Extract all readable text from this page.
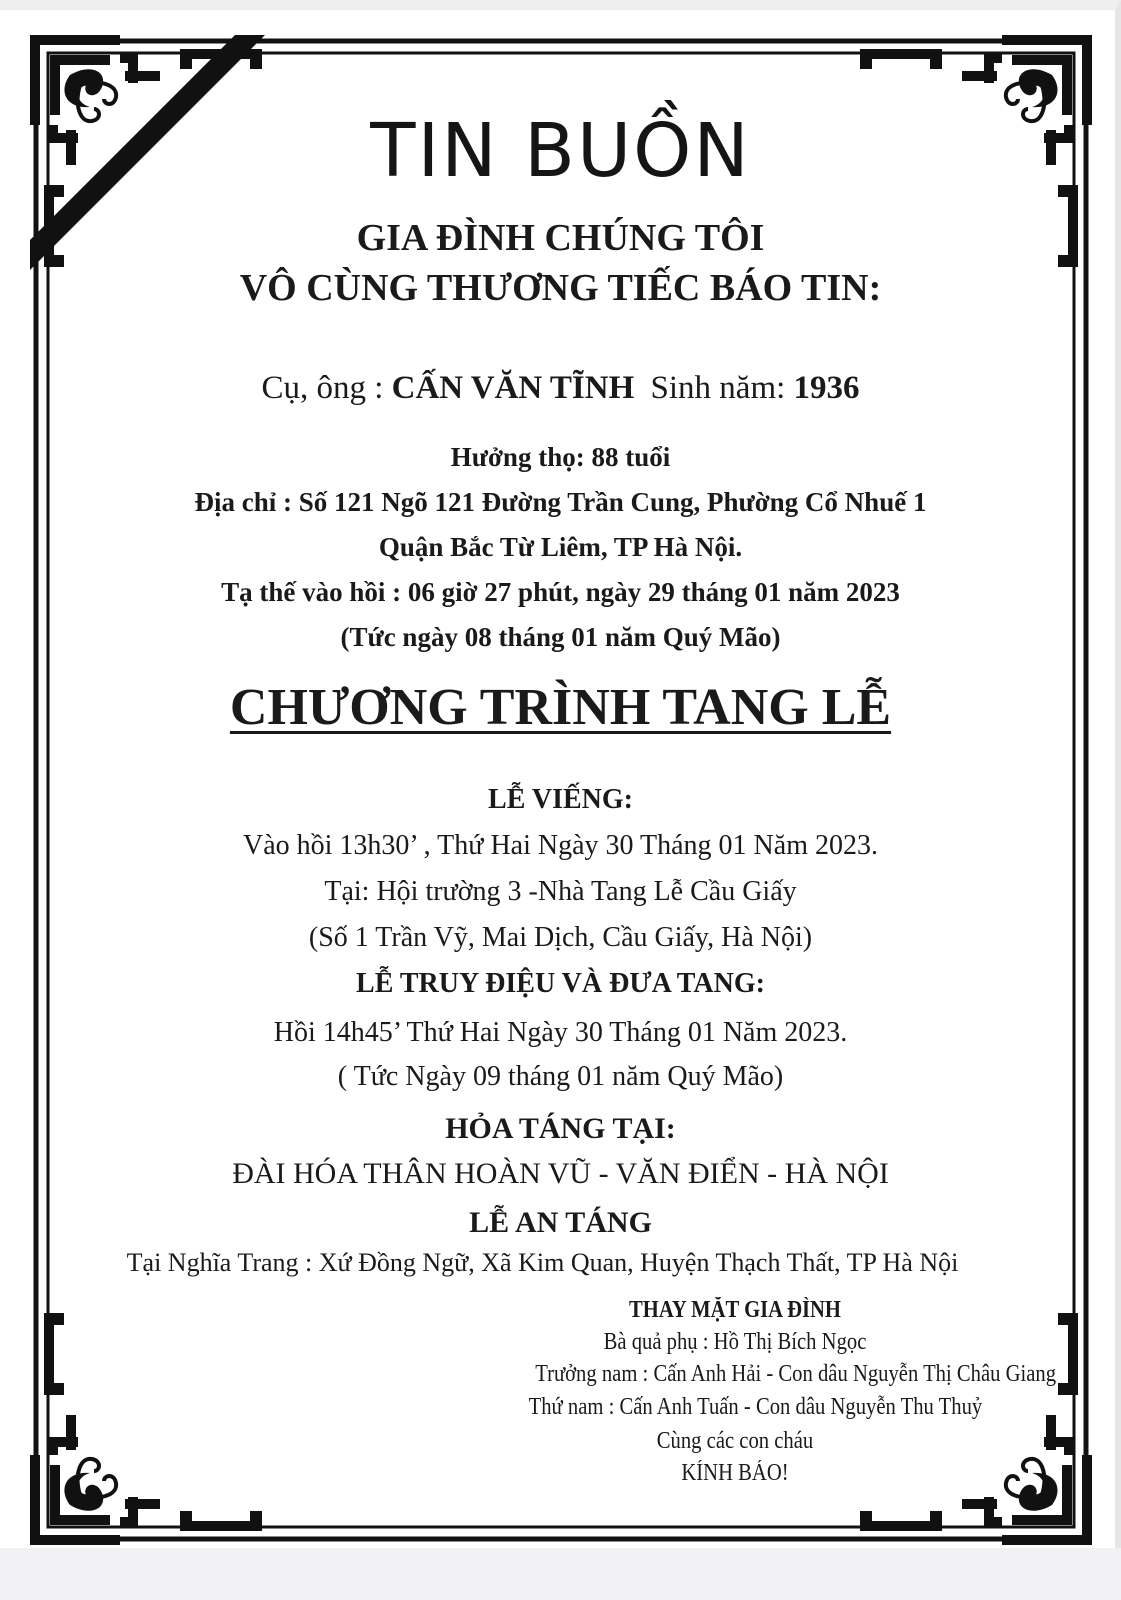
TIN BUỒN
GIA ĐÌNH CHÚNG TÔI
VÔ CÙNG THƯƠNG TIẾC BÁO TIN:
Cụ, ông : CẤN VĂN TĨNH Sinh năm: 1936
Hưởng thọ: 88 tuổi
Địa chỉ : Số 121 Ngõ 121 Đường Trần Cung, Phường Cổ Nhuế 1
Quận Bắc Từ Liêm, TP Hà Nội.
Tạ thế vào hồi : 06 giờ 27 phút, ngày 29 tháng 01 năm 2023
(Tức ngày 08 tháng 01 năm Quý Mão)
CHƯƠNG TRÌNH TANG LỄ
LỄ VIẾNG:
Vào hồi 13h30’ , Thứ Hai Ngày 30 Tháng 01 Năm 2023.
Tại: Hội trường 3 -Nhà Tang Lễ Cầu Giấy
(Số 1 Trần Vỹ, Mai Dịch, Cầu Giấy, Hà Nội)
LỄ TRUY ĐIỆU VÀ ĐƯA TANG:
Hồi 14h45’ Thứ Hai Ngày 30 Tháng 01 Năm 2023.
( Tức Ngày 09 tháng 01 năm Quý Mão)
HỎA TÁNG TẠI:
ĐÀI HÓA THÂN HOÀN VŨ - VĂN ĐIỂN - HÀ NỘI
LỄ AN TÁNG
Tại Nghĩa Trang : Xứ Đồng Ngữ, Xã Kim Quan, Huyện Thạch Thất, TP Hà Nội
THAY MẶT GIA ĐÌNH
Bà quả phụ : Hồ Thị Bích Ngọc
Trưởng nam : Cấn Anh Hải - Con dâu Nguyễn Thị Châu Giang
Thứ nam : Cấn Anh Tuấn - Con dâu Nguyễn Thu Thuỷ
Cùng các con cháu
KÍNH BÁO!
